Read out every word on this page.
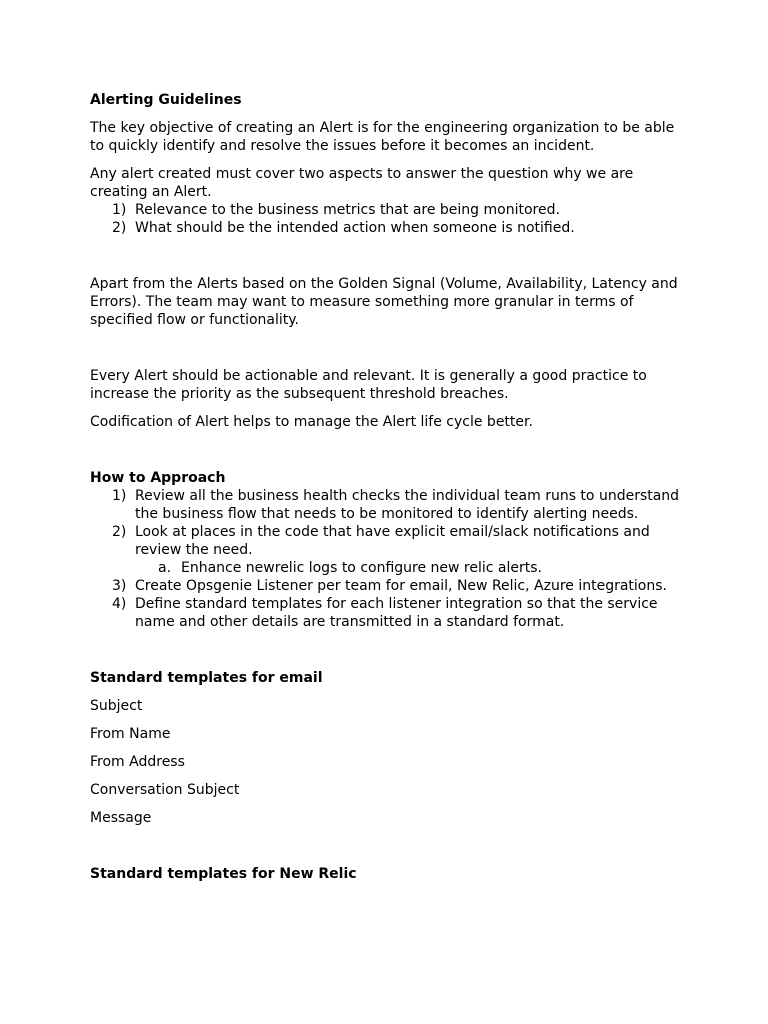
Alerting Guidelines
The key objective of creating an Alert is for the engineering organization to be able to quickly identify and resolve the issues before it becomes an incident.
Any alert created must cover two aspects to answer the question why we are creating an Alert.
1) Relevance to the business metrics that are being monitored.
2) What should be the intended action when someone is notified.
Apart from the Alerts based on the Golden Signal (Volume, Availability, Latency and Errors). The team may want to measure something more granular in terms of specified flow or functionality.
Every Alert should be actionable and relevant. It is generally a good practice to increase the priority as the subsequent threshold breaches.
Codification of Alert helps to manage the Alert life cycle better.
How to Approach
1) Review all the business health checks the individual team runs to understand the business flow that needs to be monitored to identify alerting needs.
2) Look at places in the code that have explicit email/slack notifications and review the need.
a. Enhance newrelic logs to configure new relic alerts.
3) Create Opsgenie Listener per team for email, New Relic, Azure integrations.
4) Define standard templates for each listener integration so that the service name and other details are transmitted in a standard format.
Standard templates for email
Subject
From Name
From Address
Conversation Subject
Message
Standard templates for New Relic
